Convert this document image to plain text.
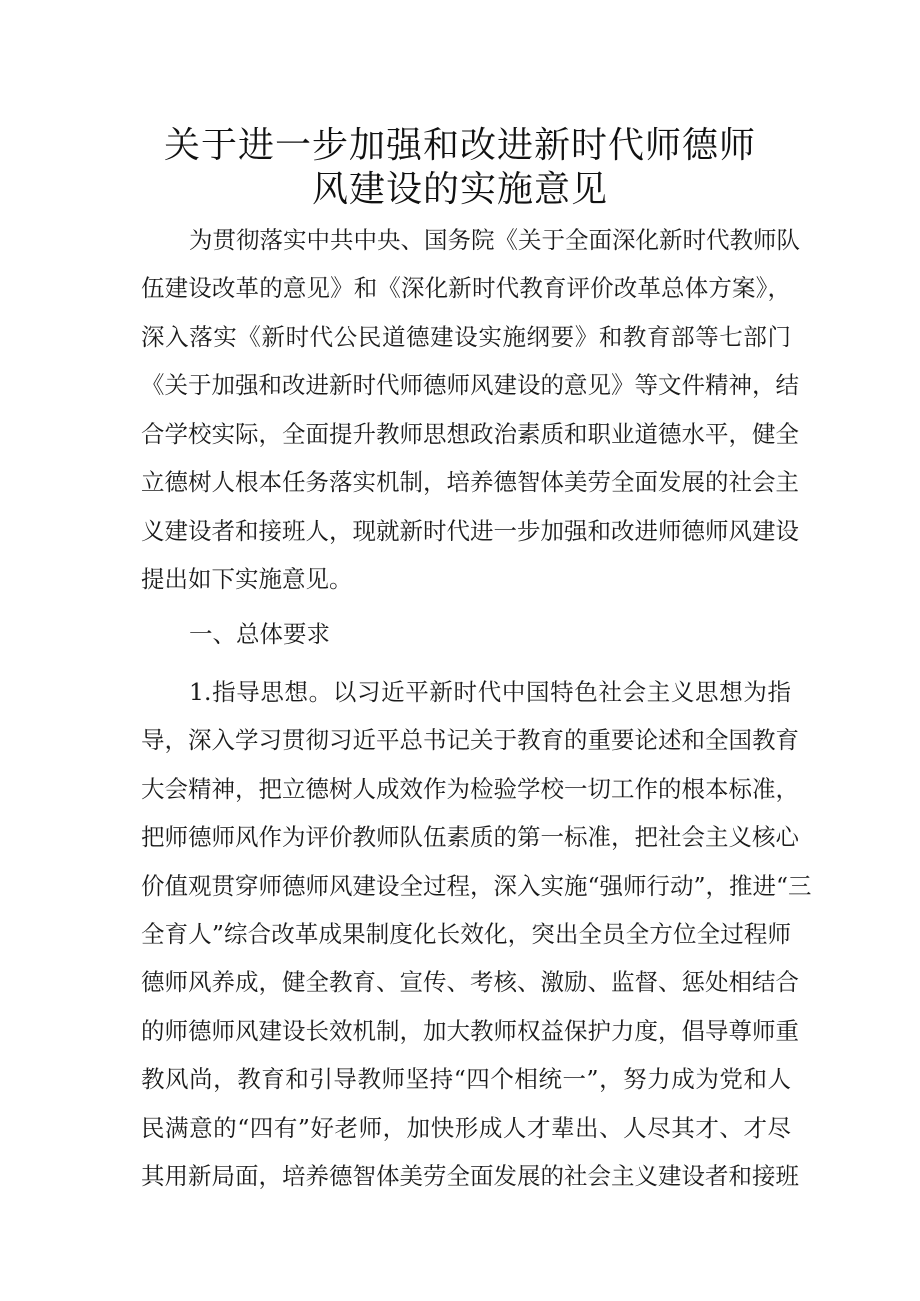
关于进一步加强和改进新时代师德师
风建设的实施意见
为贯彻落实中共中央、国务院《关于全面深化新时代教师队
伍建设改革的意见》和《深化新时代教育评价改革总体方案》，
深入落实《新时代公民道德建设实施纲要》和教育部等七部门
《关于加强和改进新时代师德师风建设的意见》等文件精神，结
合学校实际，全面提升教师思想政治素质和职业道德水平，健全
立德树人根本任务落实机制，培养德智体美劳全面发展的社会主
义建设者和接班人，现就新时代进一步加强和改进师德师风建设
提出如下实施意见。
一、总体要求
1.指导思想。以习近平新时代中国特色社会主义思想为指
导，深入学习贯彻习近平总书记关于教育的重要论述和全国教育
大会精神，把立德树人成效作为检验学校一切工作的根本标准，
把师德师风作为评价教师队伍素质的第一标准，把社会主义核心
价值观贯穿师德师风建设全过程，深入实施“强师行动”，推进“三
全育人”综合改革成果制度化长效化，突出全员全方位全过程师
德师风养成，健全教育、宣传、考核、激励、监督、惩处相结合
的师德师风建设长效机制，加大教师权益保护力度，倡导尊师重
教风尚，教育和引导教师坚持“四个相统一”，努力成为党和人
民满意的“四有”好老师，加快形成人才辈出、人尽其才、才尽
其用新局面，培养德智体美劳全面发展的社会主义建设者和接班
